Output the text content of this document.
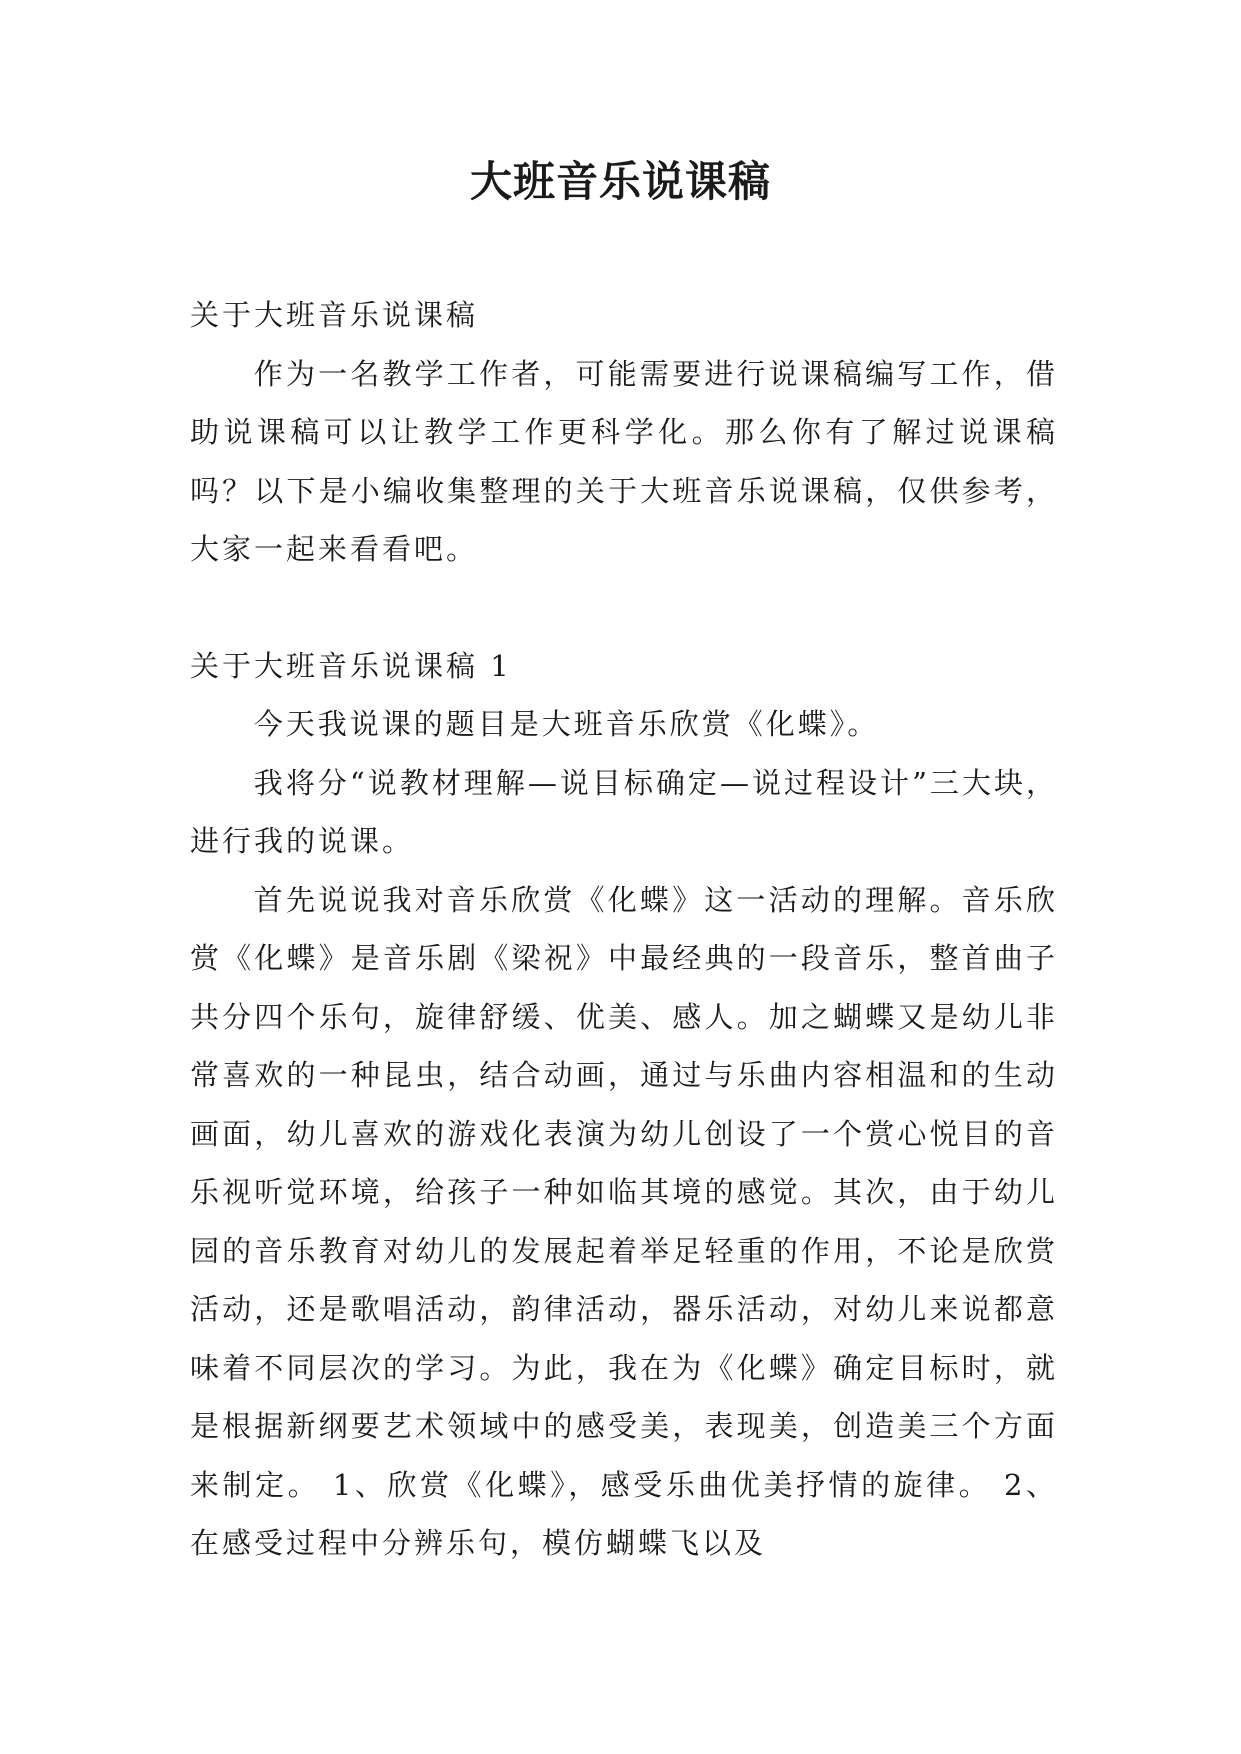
大班音乐说课稿

关于大班音乐说课稿

作为一名教学工作者，可能需要进行说课稿编写工作，借助说课稿可以让教学工作更科学化。那么你有了解过说课稿吗？以下是小编收集整理的关于大班音乐说课稿，仅供参考，大家一起来看看吧。

关于大班音乐说课稿 1

今天我说课的题目是大班音乐欣赏《化蝶》。

我将分“说教材理解—说目标确定—说过程设计”三大块，进行我的说课。

首先说说我对音乐欣赏《化蝶》这一活动的理解。音乐欣赏《化蝶》是音乐剧《梁祝》中最经典的一段音乐，整首曲子共分四个乐句，旋律舒缓、优美、感人。加之蝴蝶又是幼儿非常喜欢的一种昆虫，结合动画，通过与乐曲内容相温和的生动画面，幼儿喜欢的游戏化表演为幼儿创设了一个赏心悦目的音乐视听觉环境，给孩子一种如临其境的感觉。其次，由于幼儿园的音乐教育对幼儿的发展起着举足轻重的作用，不论是欣赏活动，还是歌唱活动，韵律活动，器乐活动，对幼儿来说都意味着不同层次的学习。为此，我在为《化蝶》确定目标时，就是根据新纲要艺术领域中的感受美，表现美，创造美三个方面来制定。 1、欣赏《化蝶》，感受乐曲优美抒情的旋律。 2、在感受过程中分辨乐句，模仿蝴蝶飞以及
